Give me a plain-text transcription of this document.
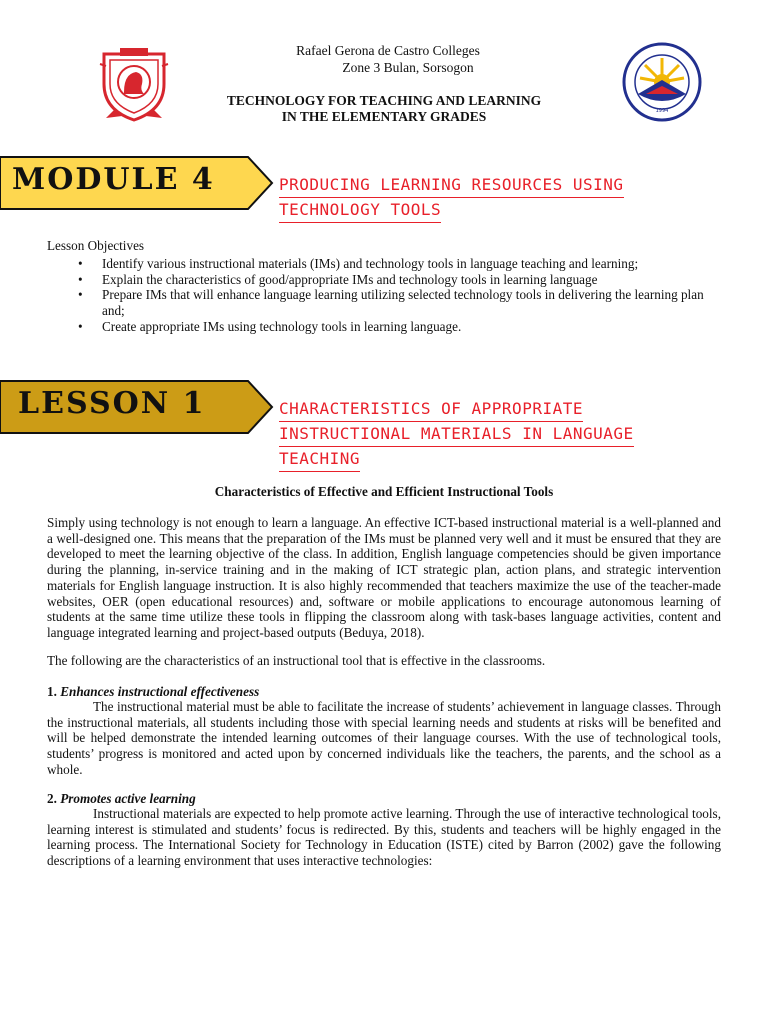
1994
Rafael Gerona de Castro Colleges
Zone 3 Bulan, Sorsogon
TECHNOLOGY FOR TEACHING AND LEARNING
IN THE ELEMENTARY GRADES
MODULE 4	PRODUCING LEARNING RESOURCES USING
TECHNOLOGY TOOLS
Lesson Objectives
• Identify various instructional materials (IMs) and technology tools in language teaching and learning;
• Explain the characteristics of good/appropriate IMs and technology tools in learning language
• Prepare IMs that will enhance language learning utilizing selected technology tools in delivering the learning plan and;
• Create appropriate IMs using technology tools in learning language.
LESSON 1	CHARACTERISTICS OF APPROPRIATE
INSTRUCTIONAL MATERIALS IN LANGUAGE
TEACHING
Characteristics of Effective and Efficient Instructional Tools
Simply using technology is not enough to learn a language. An effective ICT-based instructional material is a well-planned and a well-designed one. This means that the preparation of the IMs must be planned very well and it must be ensured that they are developed to meet the learning objective of the class. In addition, English language competencies should be given importance during the planning, in-service training and in the making of ICT strategic plan, action plans, and strategic intervention materials for English language instruction. It is also highly recommended that teachers maximize the use of the teacher-made websites, OER (open educational resources) and, software or mobile applications to encourage autonomous learning of students at the same time utilize these tools in flipping the classroom along with task-bases language activities, content and language integrated learning and project-based outputs (Beduya, 2018).
The following are the characteristics of an instructional tool that is effective in the classrooms.
1. Enhances instructional effectiveness
The instructional material must be able to facilitate the increase of students’ achievement in language classes. Through the instructional materials, all students including those with special learning needs and students at risks will be benefited and will be helped demonstrate the intended learning outcomes of their language courses. With the use of technological tools, students’ progress is monitored and acted upon by concerned individuals like the teachers, the parents, and the school as a whole.
2. Promotes active learning
Instructional materials are expected to help promote active learning. Through the use of interactive technological tools, learning interest is stimulated and students’ focus is redirected. By this, students and teachers will be highly engaged in the learning process. The International Society for Technology in Education (ISTE) cited by Barron (2002) gave the following descriptions of a learning environment that uses interactive technologies:
